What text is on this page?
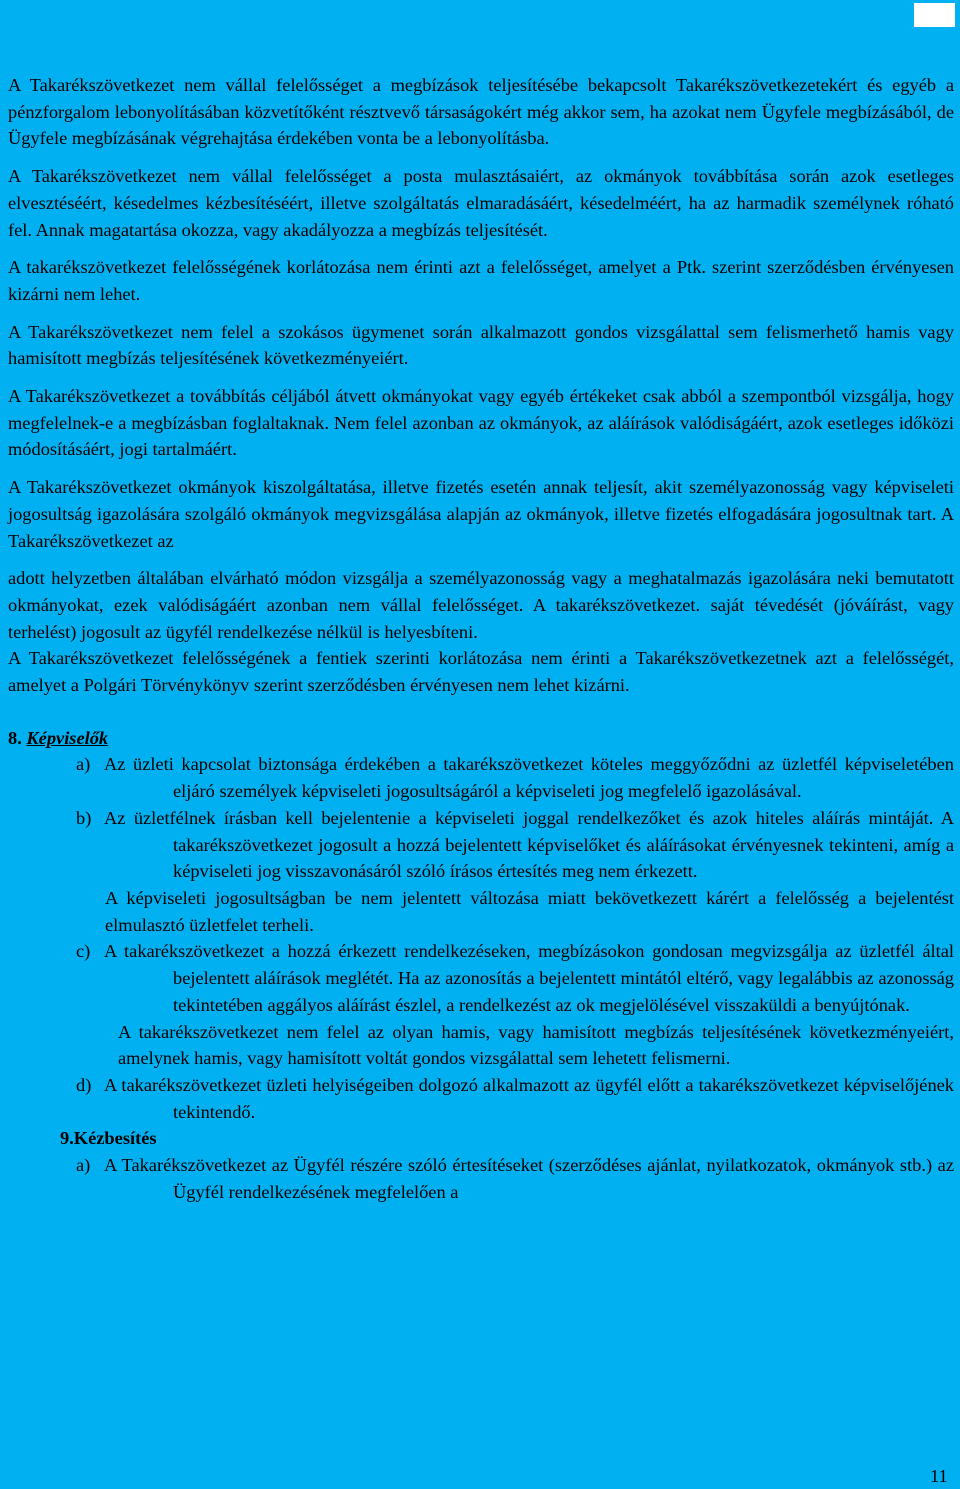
A Takarékszövetkezet nem vállal felelősséget a megbízások teljesítésébe bekapcsolt Takarékszövetkezetekért és egyéb a pénzforgalom lebonyolításában közvetítőként résztvevő társaságokért még akkor sem, ha azokat nem Ügyfele megbízásából, de Ügyfele megbízásának végrehajtása érdekében vonta be a lebonyolításba.

A Takarékszövetkezet nem vállal felelősséget a posta mulasztásaiért, az okmányok továbbítása során azok esetleges elvesztéséért, késedelmes kézbesítéséért, illetve szolgáltatás elmaradásáért, késedelméért, ha az harmadik személynek róható fel. Annak magatartása okozza, vagy akadályozza a megbízás teljesítését.

A takarékszövetkezet felelősségének korlátozása nem érinti azt a felelősséget, amelyet a Ptk. szerint szerződésben érvényesen kizárni nem lehet.

A Takarékszövetkezet nem felel a szokásos ügymenet során alkalmazott gondos vizsgálattal sem felismerhető hamis vagy hamisított megbízás teljesítésének következményeiért.

A Takarékszövetkezet a továbbítás céljából átvett okmányokat vagy egyéb értékeket csak abból a szempontból vizsgálja, hogy megfelelnek-e a megbízásban foglaltaknak. Nem felel azonban az okmányok, az aláírások valódiságáért, azok esetleges időközi módosításáért, jogi tartalmáért.

A Takarékszövetkezet okmányok kiszolgáltatása, illetve fizetés esetén annak teljesít, akit személyazonosság vagy képviseleti jogosultság igazolására szolgáló okmányok megvizsgálása alapján az okmányok, illetve fizetés elfogadására jogosultnak tart. A Takarékszövetkezet az

adott helyzetben általában elvárható módon vizsgálja a személyazonosság vagy a meghatalmazás igazolására neki bemutatott okmányokat, ezek valódiságáért azonban nem vállal felelősséget. A takarékszövetkezet. saját tévedését (jóváírást, vagy terhelést) jogosult az ügyfél rendelkezése nélkül is helyesbíteni.

A Takarékszövetkezet felelősségének a fentiek szerinti korlátozása nem érinti a Takarékszövetkezetnek azt a felelősségét, amelyet a Polgári Törvénykönyv szerint szerződésben érvényesen nem lehet kizárni.

8. Képviselők

a) Az üzleti kapcsolat biztonsága érdekében a takarékszövetkezet köteles meggyőződni az üzletfél képviseletében eljáró személyek képviseleti jogosultságáról a képviseleti jog megfelelő igazolásával.

b) Az üzletfélnek írásban kell bejelentenie a képviseleti joggal rendelkezőket és azok hiteles aláírás mintáját. A takarékszövetkezet jogosult a hozzá bejelentett képviselőket és aláírásokat érvényesnek tekinteni, amíg a képviseleti jog visszavonásáról szóló írásos értesítés meg nem érkezett.

A képviseleti jogosultságban be nem jelentett változása miatt bekövetkezett kárért a felelősség a bejelentést elmulasztó üzletfelet terheli.

c) A takarékszövetkezet a hozzá érkezett rendelkezéseken, megbízásokon gondosan megvizsgálja az üzletfél által bejelentett aláírások meglétét. Ha az azonosítás a bejelentett mintától eltérő, vagy legalábbis az azonosság tekintetében aggályos aláírást észlel, a rendelkezést az ok megjelölésével visszaküldi a benyújtónak.

A takarékszövetkezet nem felel az olyan hamis, vagy hamisított megbízás teljesítésének következményeiért, amelynek hamis, vagy hamisított voltát gondos vizsgálattal sem lehetett felismerni.

d) A takarékszövetkezet üzleti helyiségeiben dolgozó alkalmazott az ügyfél előtt a takarékszövetkezet képviselőjének tekintendő.

9.Kézbesítés

a) A Takarékszövetkezet az Ügyfél részére szóló értesítéseket (szerződéses ajánlat, nyilatkozatok, okmányok stb.) az Ügyfél rendelkezésének megfelelően a

11
